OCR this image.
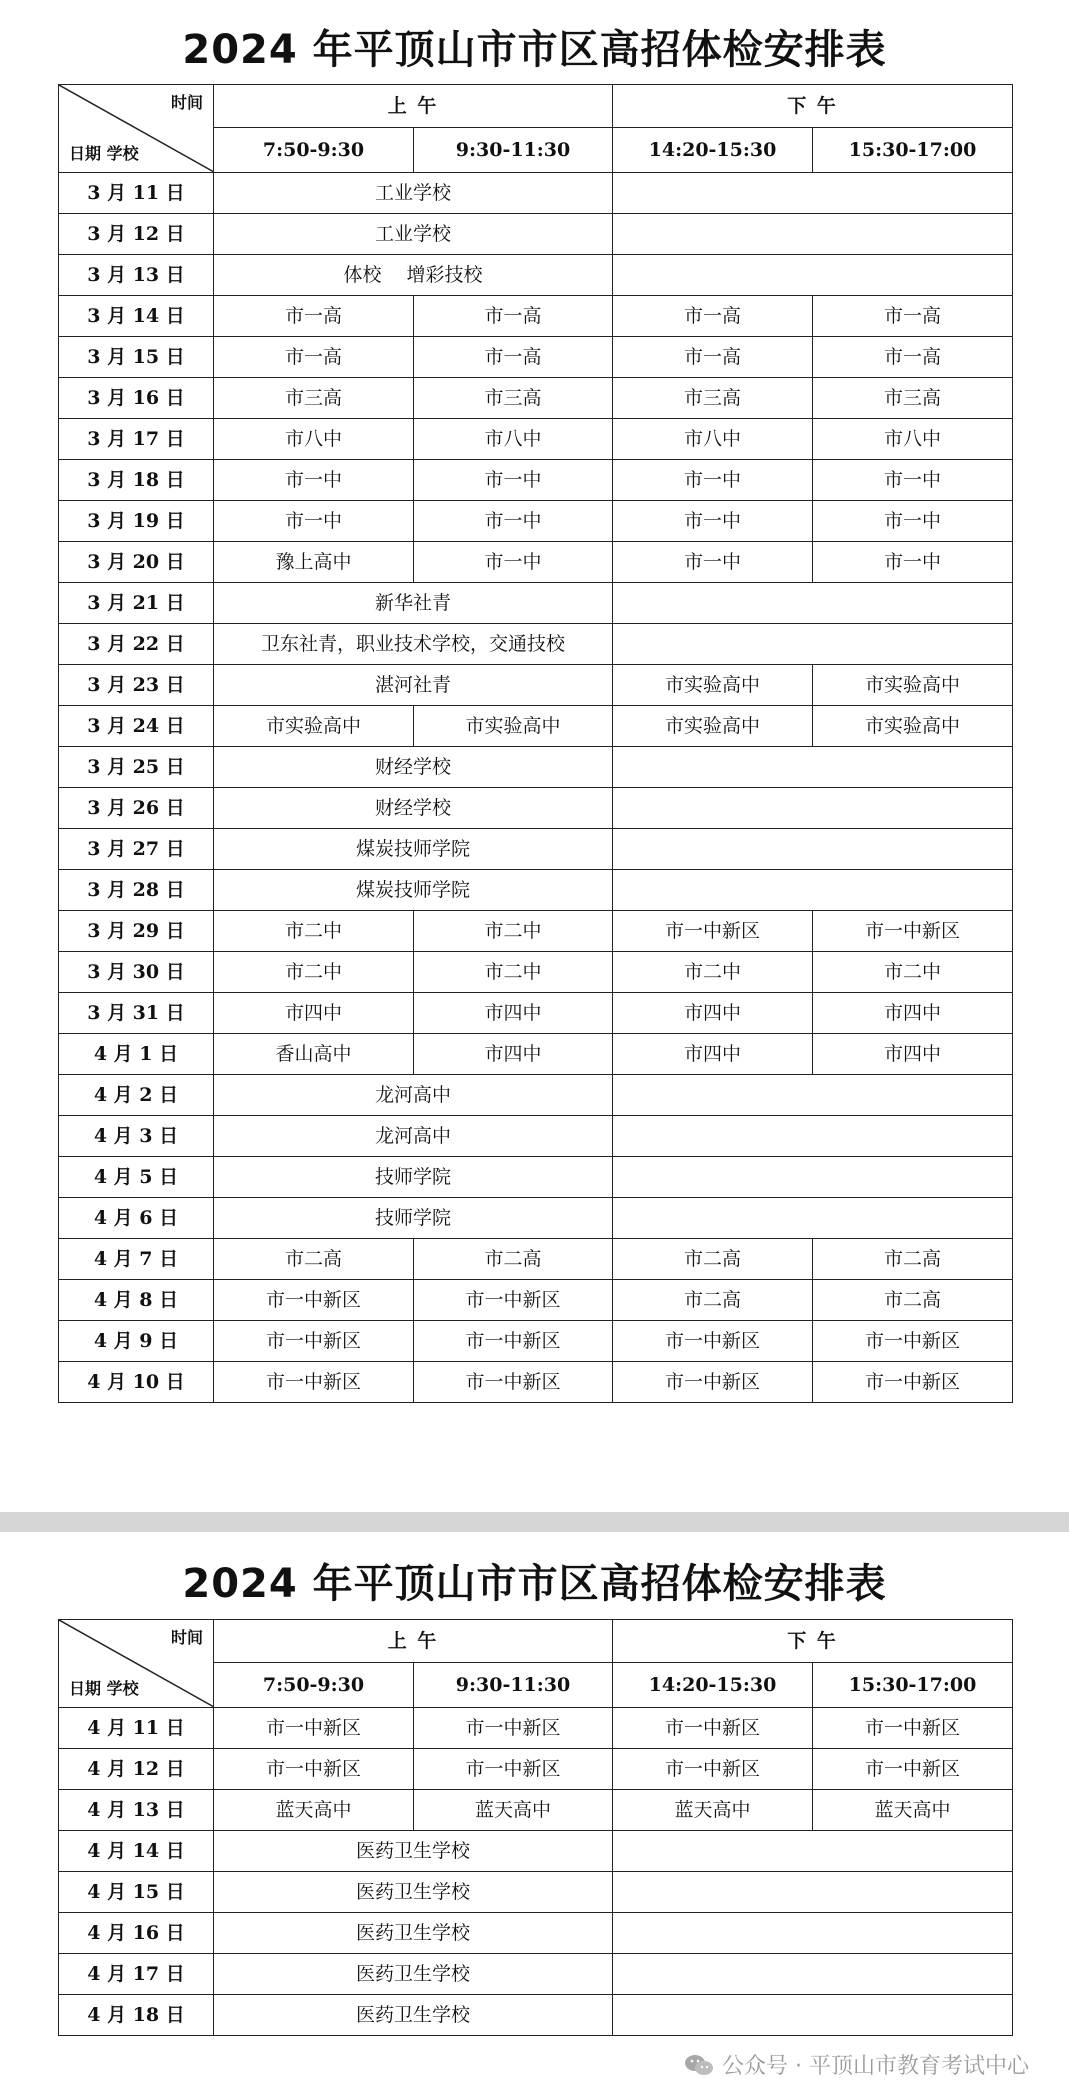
2024 年平顶山市市区高招体检安排表
时间
日期 学校	上 午		下 午	
	7:50-9:30	9:30-11:30	14:20-15:30	15:30-17:00
3 月 11 日	工业学校			
3 月 12 日	工业学校			
3 月 13 日	体校　 增彩技校			
3 月 14 日	市一高	市一高	市一高	市一高
3 月 15 日	市一高	市一高	市一高	市一高
3 月 16 日	市三高	市三高	市三高	市三高
3 月 17 日	市八中	市八中	市八中	市八中
3 月 18 日	市一中	市一中	市一中	市一中
3 月 19 日	市一中	市一中	市一中	市一中
3 月 20 日	豫上高中	市一中	市一中	市一中
3 月 21 日	新华社青			
3 月 22 日	卫东社青，职业技术学校，交通技校			
3 月 23 日	湛河社青		市实验高中	市实验高中
3 月 24 日	市实验高中	市实验高中	市实验高中	市实验高中
3 月 25 日	财经学校			
3 月 26 日	财经学校			
3 月 27 日	煤炭技师学院			
3 月 28 日	煤炭技师学院			
3 月 29 日	市二中	市二中	市一中新区	市一中新区
3 月 30 日	市二中	市二中	市二中	市二中
3 月 31 日	市四中	市四中	市四中	市四中
4 月 1 日	香山高中	市四中	市四中	市四中
4 月 2 日	龙河高中			
4 月 3 日	龙河高中			
4 月 5 日	技师学院			
4 月 6 日	技师学院			
4 月 7 日	市二高	市二高	市二高	市二高
4 月 8 日	市一中新区	市一中新区	市二高	市二高
4 月 9 日	市一中新区	市一中新区	市一中新区	市一中新区
4 月 10 日	市一中新区	市一中新区	市一中新区	市一中新区
2024 年平顶山市市区高招体检安排表
时间
日期 学校	上 午		下 午	
	7:50-9:30	9:30-11:30	14:20-15:30	15:30-17:00
4 月 11 日	市一中新区	市一中新区	市一中新区	市一中新区
4 月 12 日	市一中新区	市一中新区	市一中新区	市一中新区
4 月 13 日	蓝天高中	蓝天高中	蓝天高中	蓝天高中
4 月 14 日	医药卫生学校			
4 月 15 日	医药卫生学校			
4 月 16 日	医药卫生学校			
4 月 17 日	医药卫生学校			
4 月 18 日	医药卫生学校			
公众号 · 平顶山市教育考试中心
